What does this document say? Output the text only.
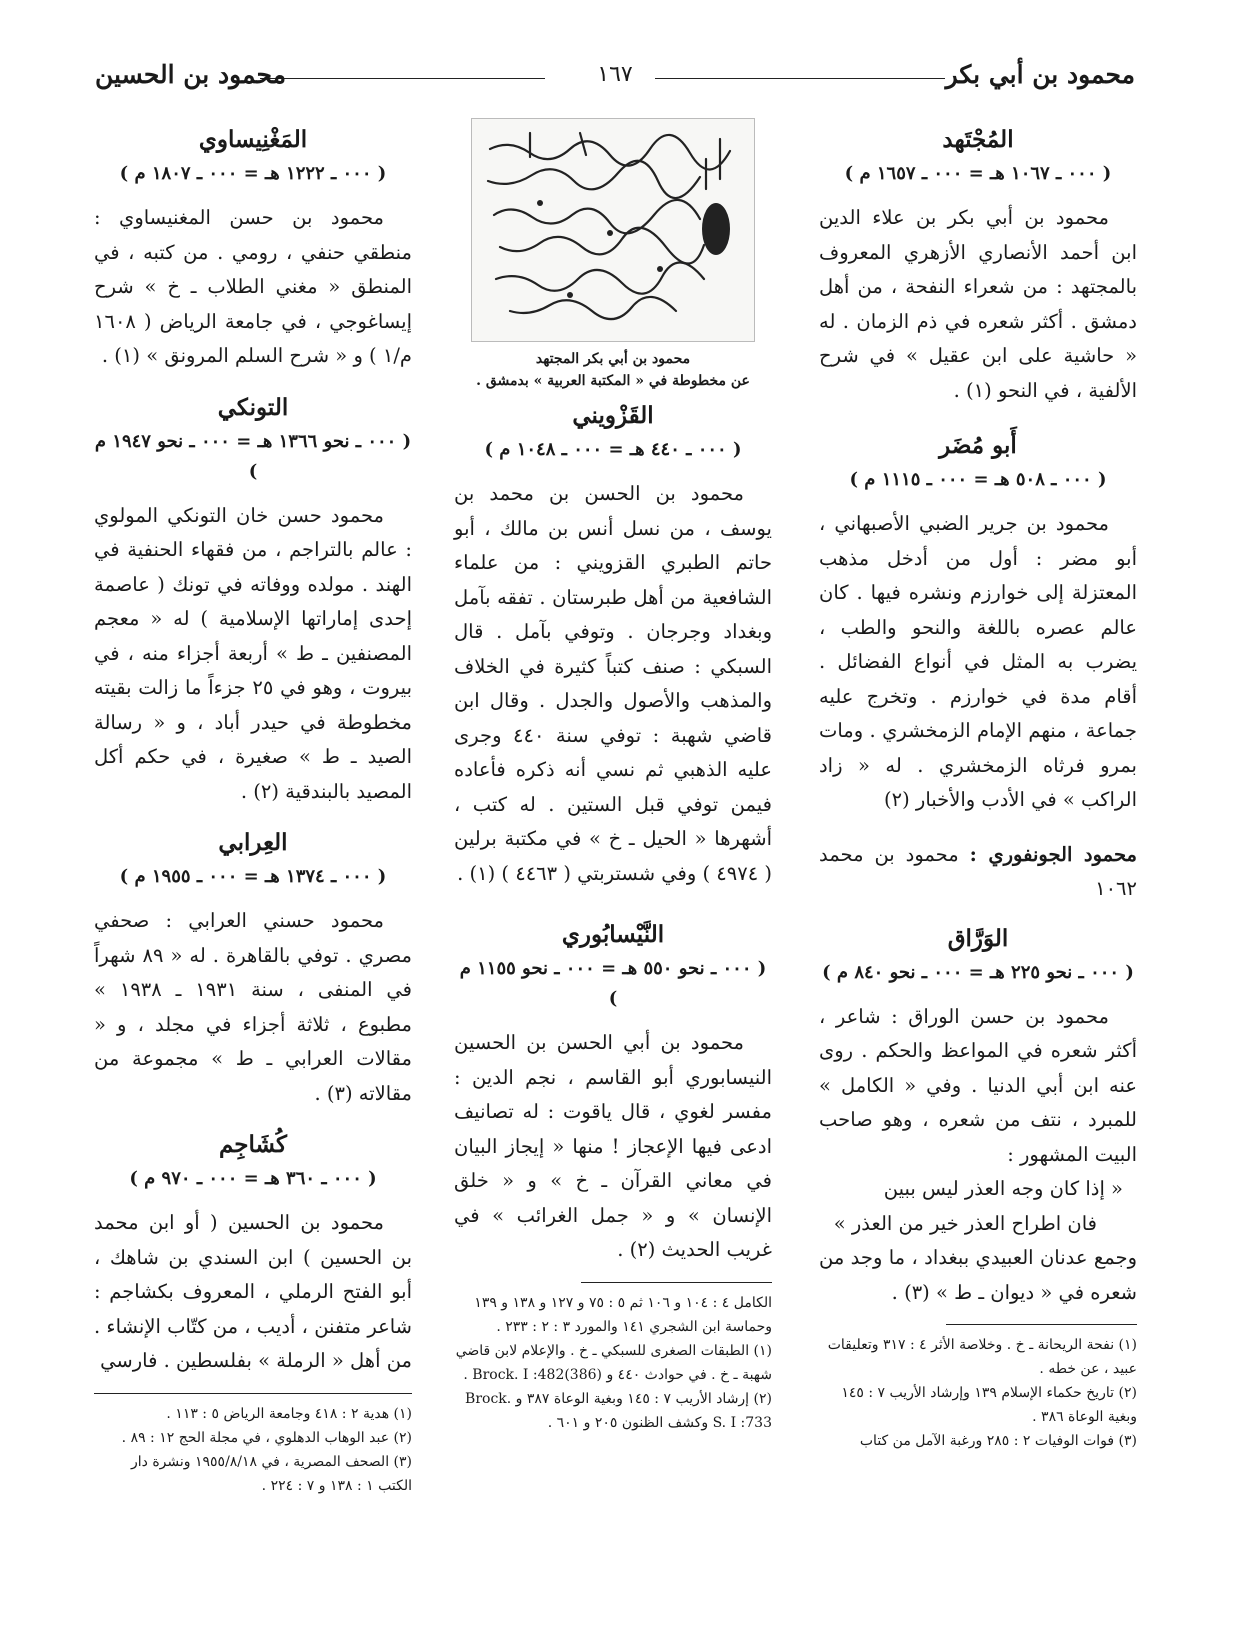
محمود بن أبي بكر
١٦٧
محمود بن الحسين
المُجْتَهد
( ٠٠٠ ـ ١٠٦٧ هـ = ٠٠٠ ـ ١٦٥٧ م )

محمود بن أبي بكر بن علاء الدين ابن أحمد الأنصاري الأزهري المعروف بالمجتهد : من شعراء النفحة ، من أهل دمشق . أكثر شعره في ذم الزمان . له « حاشية على ابن عقيل » في شرح الألفية ، في النحو (١) .

أَبو مُضَر
( ٠٠٠ ـ ٥٠٨ هـ = ٠٠٠ ـ ١١١٥ م )

محمود بن جرير الضبي الأصبهاني ، أبو مضر : أول من أدخل مذهب المعتزلة إلى خوارزم ونشره فيها . كان عالم عصره باللغة والنحو والطب ، يضرب به المثل في أنواع الفضائل . أقام مدة في خوارزم . وتخرج عليه جماعة ، منهم الإمام الزمخشري . ومات بمرو فرثاه الزمخشري . له « زاد الراكب » في الأدب والأخبار (٢)

محمود الجونفوري : محمود بن محمد ١٠٦٢
الوَرَّاق
( ٠٠٠ ـ نحو ٢٢٥ هـ = ٠٠٠ ـ نحو ٨٤٠ م )

محمود بن حسن الوراق : شاعر ، أكثر شعره في المواعظ والحكم . روى عنه ابن أبي الدنيا . وفي « الكامل » للمبرد ، نتف من شعره ، وهو صاحب البيت المشهور :

« إذا كان وجه العذر ليس ببين
فان اطراح العذر خير من العذر »

وجمع عدنان العبيدي ببغداد ، ما وجد من شعره في « ديوان ـ ط » (٣) .

(١) نفحة الريحانة ـ خ . وخلاصة الأثر ٤ : ٣١٧ وتعليقات عبيد ، عن خطه .
(٢) تاريخ حكماء الإسلام ١٣٩ وإرشاد الأريب ٧ : ١٤٥ وبغية الوعاة ٣٨٦ .
(٣) فوات الوفيات ٢ : ٢٨٥ ورغبة الآمل من كتاب
محمود بن أبي بكر المجتهد
عن مخطوطة في « المكتبة العربية » بدمشق .
القَزْويني
( ٠٠٠ ـ ٤٤٠ هـ = ٠٠٠ ـ ١٠٤٨ م )

محمود بن الحسن بن محمد بن يوسف ، من نسل أنس بن مالك ، أبو حاتم الطبري القزويني : من علماء الشافعية من أهل طبرستان . تفقه بآمل وبغداد وجرجان . وتوفي بآمل . قال السبكي : صنف كتباً كثيرة في الخلاف والمذهب والأصول والجدل . وقال ابن قاضي شهبة : توفي سنة ٤٤٠ وجرى عليه الذهبي ثم نسي أنه ذكره فأعاده فيمن توفي قبل الستين . له كتب ، أشهرها « الحيل ـ خ » في مكتبة برلين ( ٤٩٧٤ ) وفي شستربتي ( ٤٤٦٣ ) (١) .

النَّيْسابُوري
( ٠٠٠ ـ نحو ٥٥٠ هـ = ٠٠٠ ـ نحو ١١٥٥ م )

محمود بن أبي الحسن بن الحسين النيسابوري أبو القاسم ، نجم الدين : مفسر لغوي ، قال ياقوت : له تصانيف ادعى فيها الإعجاز ! منها « إيجاز البيان في معاني القرآن ـ خ » و « خلق الإنسان » و « جمل الغرائب » في غريب الحديث (٢) .

الكامل ٤ : ١٠٤ و ١٠٦ ثم ٥ : ٧٥ و ١٢٧ و ١٣٨ و ١٣٩ وحماسة ابن الشجري ١٤١ والمورد ٣ : ٢ : ٢٣٣ .
(١) الطبقات الصغرى للسبكي ـ خ . والإعلام لابن قاضي شهبة ـ خ . في حوادث ٤٤٠ و Brock. I :482(386) .
(٢) إرشاد الأريب ٧ : ١٤٥ وبغية الوعاة ٣٨٧ و Brock. S. I :733 وكشف الظنون ٢٠٥ و ٦٠١ .
المَغْنِيساوي
( ٠٠٠ ـ ١٢٢٢ هـ = ٠٠٠ ـ ١٨٠٧ م )

محمود بن حسن المغنيساوي : منطقي حنفي ، رومي . من كتبه ، في المنطق « مغني الطلاب ـ خ » شرح إيساغوجي ، في جامعة الرياض ( ١٦٠٨ م/١ ) و « شرح السلم المرونق » (١) .

التونكي
( ٠٠٠ ـ نحو ١٣٦٦ هـ = ٠٠٠ ـ نحو ١٩٤٧ م )

محمود حسن خان التونكي المولوي : عالم بالتراجم ، من فقهاء الحنفية في الهند . مولده ووفاته في تونك ( عاصمة إحدى إماراتها الإسلامية ) له « معجم المصنفين ـ ط » أربعة أجزاء منه ، في بيروت ، وهو في ٢٥ جزءاً ما زالت بقيته مخطوطة في حيدر أباد ، و « رسالة الصيد ـ ط » صغيرة ، في حكم أكل المصيد بالبندقية (٢) .

العِرابي
( ٠٠٠ ـ ١٣٧٤ هـ = ٠٠٠ ـ ١٩٥٥ م )

محمود حسني العرابي : صحفي مصري . توفي بالقاهرة . له « ٨٩ شهراً في المنفى ، سنة ١٩٣١ ـ ١٩٣٨ » مطبوع ، ثلاثة أجزاء في مجلد ، و « مقالات العرابي ـ ط » مجموعة من مقالاته (٣) .

كُشَاجِم
( ٠٠٠ ـ ٣٦٠ هـ = ٠٠٠ ـ ٩٧٠ م )

محمود بن الحسين ( أو ابن محمد بن الحسين ) ابن السندي بن شاهك ، أبو الفتح الرملي ، المعروف بكشاجم : شاعر متفنن ، أديب ، من كتّاب الإنشاء . من أهل « الرملة » بفلسطين . فارسي

(١) هدية ٢ : ٤١٨ وجامعة الرياض ٥ : ١١٣ .
(٢) عبد الوهاب الدهلوي ، في مجلة الحج ١٢ : ٨٩ .
(٣) الصحف المصرية ، في ١٩٥٥/٨/١٨ ونشرة دار الكتب ١ : ١٣٨ و ٧ : ٢٢٤ .
